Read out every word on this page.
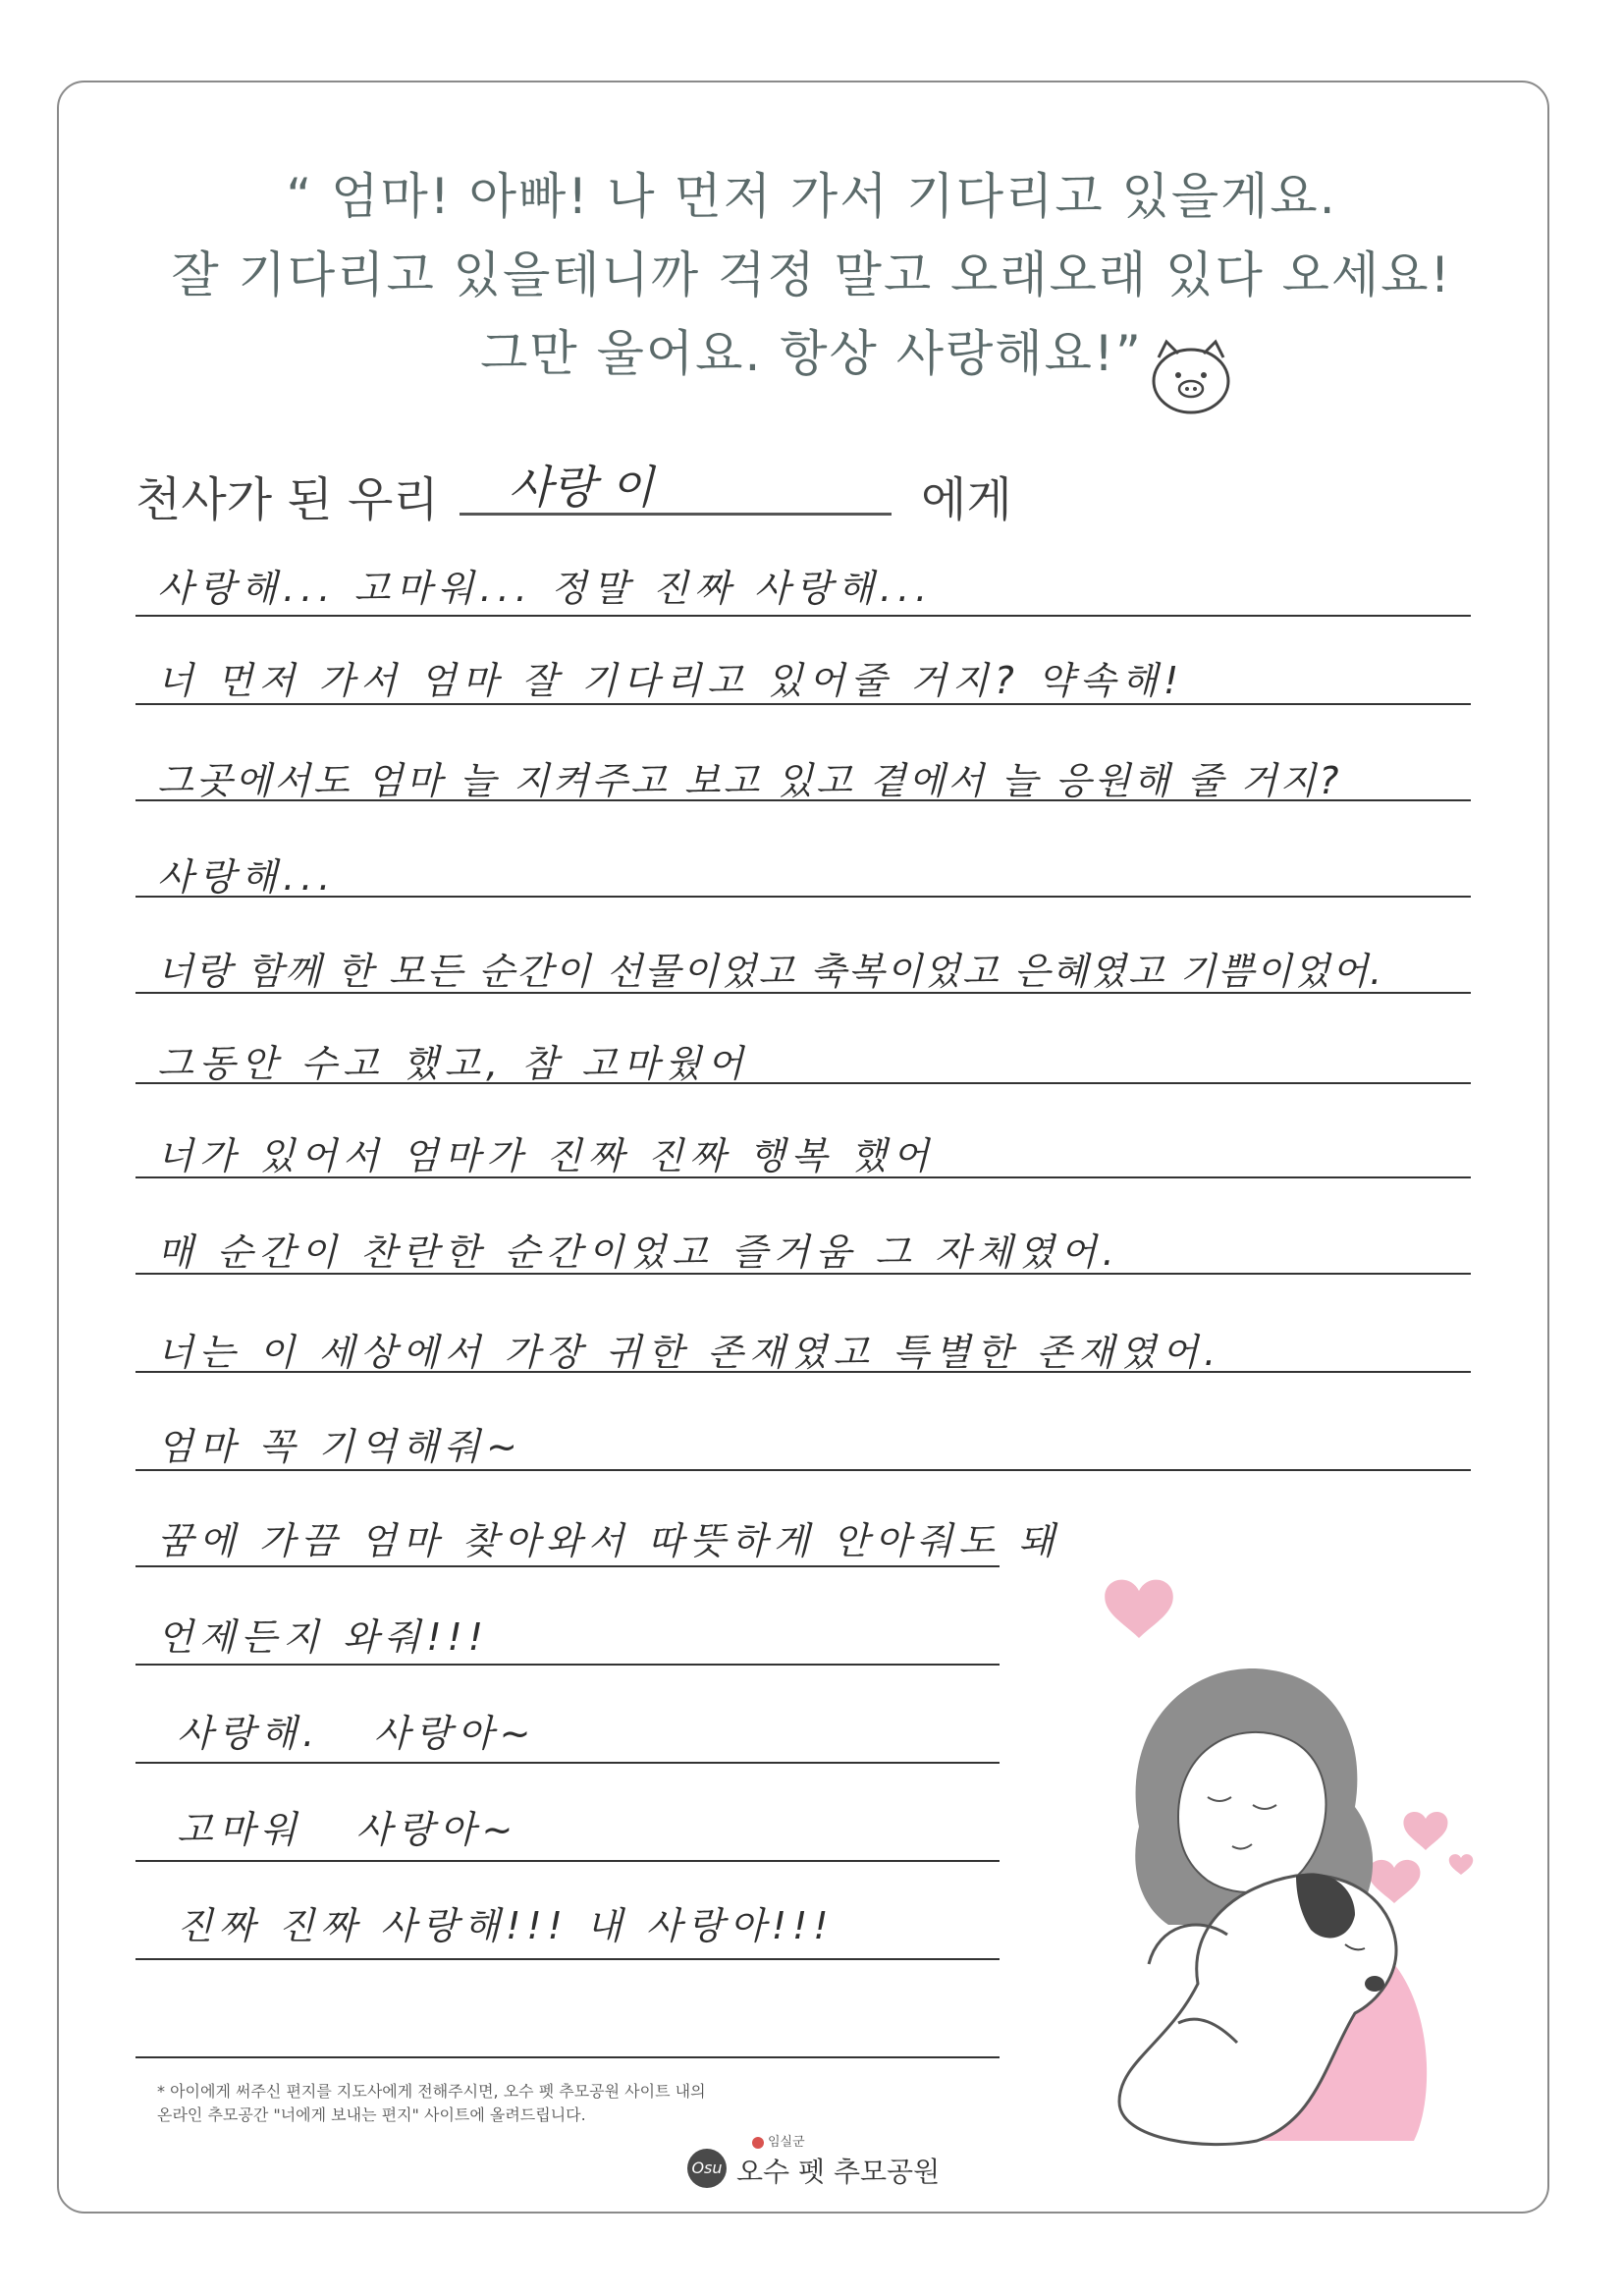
“ 엄마! 아빠! 나 먼저 가서 기다리고 있을게요.
잘 기다리고 있을테니까 걱정 말고 오래오래 있다 오세요!
그만 울어요. 항상 사랑해요!”
천사가 된 우리 사랑 이	에게
사랑해... 고마워... 정말 진짜 사랑해...
너 먼저 가서 엄마 잘 기다리고 있어줄 거지? 약속해!
그곳에서도 엄마 늘 지켜주고 보고 있고 곁에서 늘 응원해 줄 거지?
사랑해...
너랑 함께 한 모든 순간이 선물이었고 축복이었고 은혜였고 기쁨이었어.
그동안 수고 했고, 참 고마웠어
너가 있어서 엄마가 진짜 진짜 행복 했어
매 순간이 찬란한 순간이었고 즐거움 그 자체였어.
너는 이 세상에서 가장 귀한 존재였고 특별한 존재였어.
엄마 꼭 기억해줘~
꿈에 가끔 엄마 찾아와서 따뜻하게 안아줘도 돼
언제든지 와줘!!!
사랑해.   사랑아~
고마워   사랑아~
진짜 진짜 사랑해!!! 내 사랑아!!!
* 아이에게 써주신 편지를 지도사에게 전해주시면, 오수 펫 추모공원 사이트 내의
온라인 추모공간 "너에게 보내는 편지" 사이트에 올려드립니다.
임실군
Osu 오수 펫 추모공원
